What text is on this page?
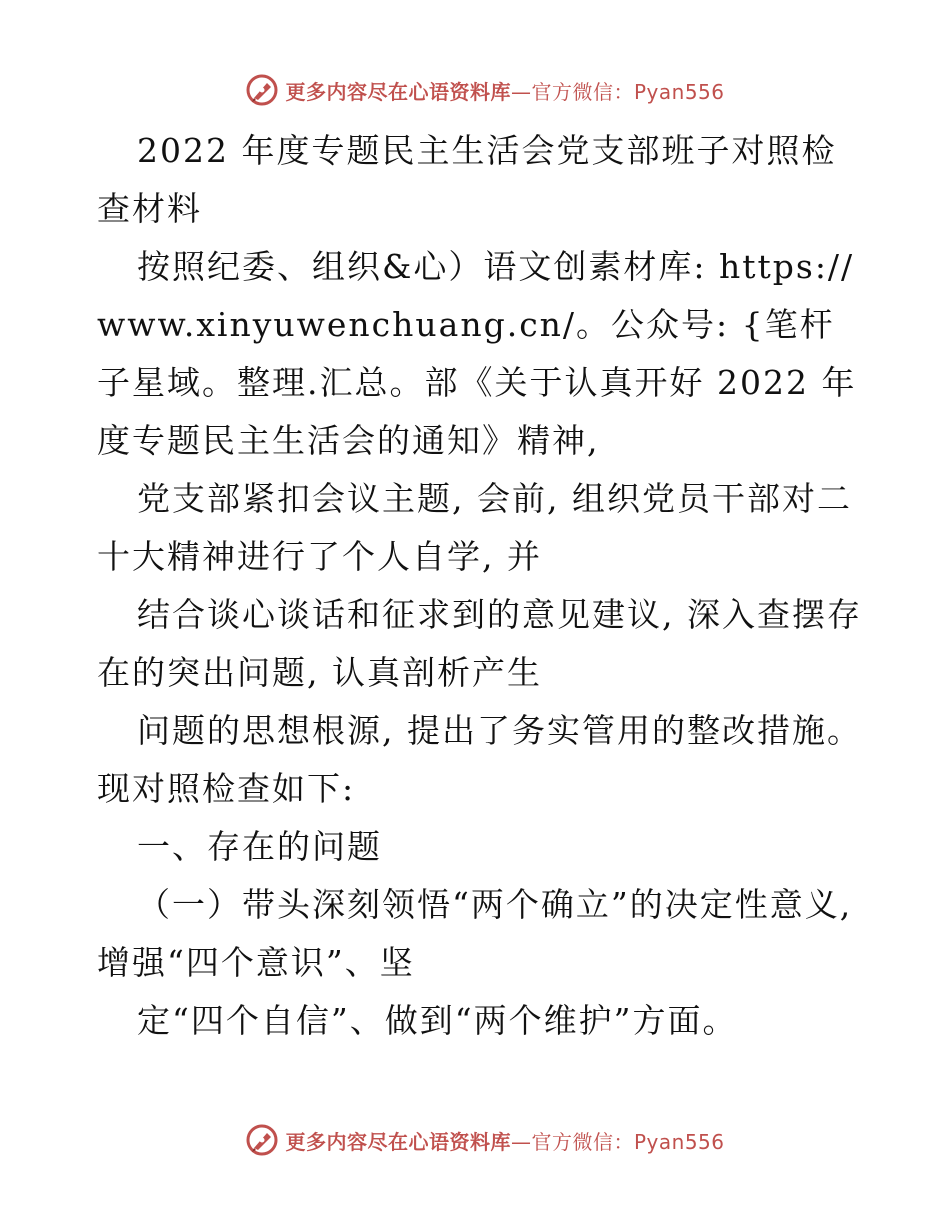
更多内容尽在心语资料库—官方微信：Pyan556

2022 年度专题民主生活会党支部班子对照检查材料

按照纪委、组织&心）语文创素材库: https://www.xinyuwenchuang.cn/。公众号: {笔杆子星域。整理.汇总。部《关于认真开好 2022 年度专题民主生活会的通知》精神,

党支部紧扣会议主题, 会前, 组织党员干部对二十大精神进行了个人自学, 并

结合谈心谈话和征求到的意见建议, 深入查摆存在的突出问题, 认真剖析产生

问题的思想根源, 提出了务实管用的整改措施。现对照检查如下:

一、存在的问题

（一）带头深刻领悟“两个确立”的决定性意义, 增强“四个意识”、坚

定“四个自信”、做到“两个维护”方面。

更多内容尽在心语资料库—官方微信：Pyan556
